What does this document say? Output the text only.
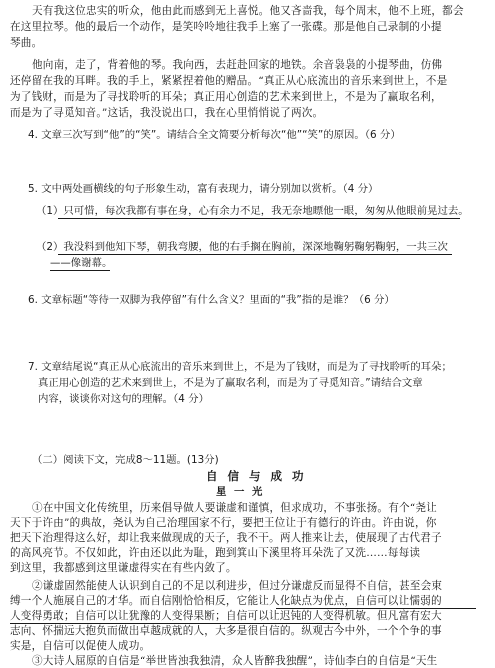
天有我这位忠实的听众，他由此而感到无上喜悦。他又吝啬我，每个周末，他不上班，都会
在这里拉琴。他的最后一个动作，是笑呤呤地往我手上塞了一张碟。那是他自己录制的小提
琴曲。
他向南，走了，背着他的琴。我向西，去赶赴回家的地铁。余音袅袅的小提琴曲，仿佛
还停留在我的耳畔。我的手上，紧紧捏着他的赠品。“真正从心底流出的音乐来到世上，不是
为了钱财，而是为了寻找聆听的耳朵；真正用心创造的艺术来到世上，不是为了赢取名利，
而是为了寻觅知音。”这话，我没说出口，我在心里悄悄说了两次。
4. 文章三次写到“他”的“笑”。请结合全文简要分析每次“他”“笑”的原因。（6 分）
5. 文中两处画横线的句子形象生动，富有表现力，请分别加以赏析。（4 分）
（1）只可惜，每次我都有事在身，心有余力不足，我无奈地瞟他一眼，匆匆从他眼前晃过去。
（2）我没料到他知下琴，朝我弯腰，他的右手搁在胸前，深深地鞠躬鞠躬鞠躬，一共三次
——像谢幕。
6. 文章标题“等待一双脚为我停留”有什么含义？里面的“我”指的是谁？（6 分）
7. 文章结尾说“真正从心底流出的音乐来到世上，不是为了钱财，而是为了寻找聆听的耳朵；
真正用心创造的艺术来到世上，不是为了赢取名利，而是为了寻觅知音。”请结合文章
内容，谈谈你对这句的理解。（4 分）
（二）阅读下文，完成8～11题。(13分)
自 信 与 成 功
星 一 光
①在中国文化传统里，历来倡导做人要谦虚和谨慎，但求成功，不事张扬。有个“尧让
天下于许由”的典故，尧认为自己治理国家不行，要把王位让于有德行的许由。许由说，你
把天下治理得这么好，却让我来做现成的天子，我不干。两人推来让去，使展现了古代君子
的高风亮节。不仅如此，许由还以此为耻，跑到箕山下溪里将耳朵洗了又洗……每每读
到这里，我都感到这里谦虚得实在有些内敛了。
②谦虚固然能使人认识到自己的不足以利进步，但过分谦虚反而显得不自信，甚至会束
缚一个人施展自己的才华。而自信刚恰恰相反，它能让人化缺点为优点，自信可以让懦弱的
人变得勇敢；自信可以让犹豫的人变得果断；自信可以让迟钝的人变得机敏。但凡富有宏大
志向、怀揣远大抱负而做出卓越成就的人，大多是很自信的。纵观古今中外，一个个争的事
实是，自信可以促使人成功。
③大诗人屈原的自信是“举世皆浊我独清，众人皆醉我独醒”，诗仙李白的自信是“天生
